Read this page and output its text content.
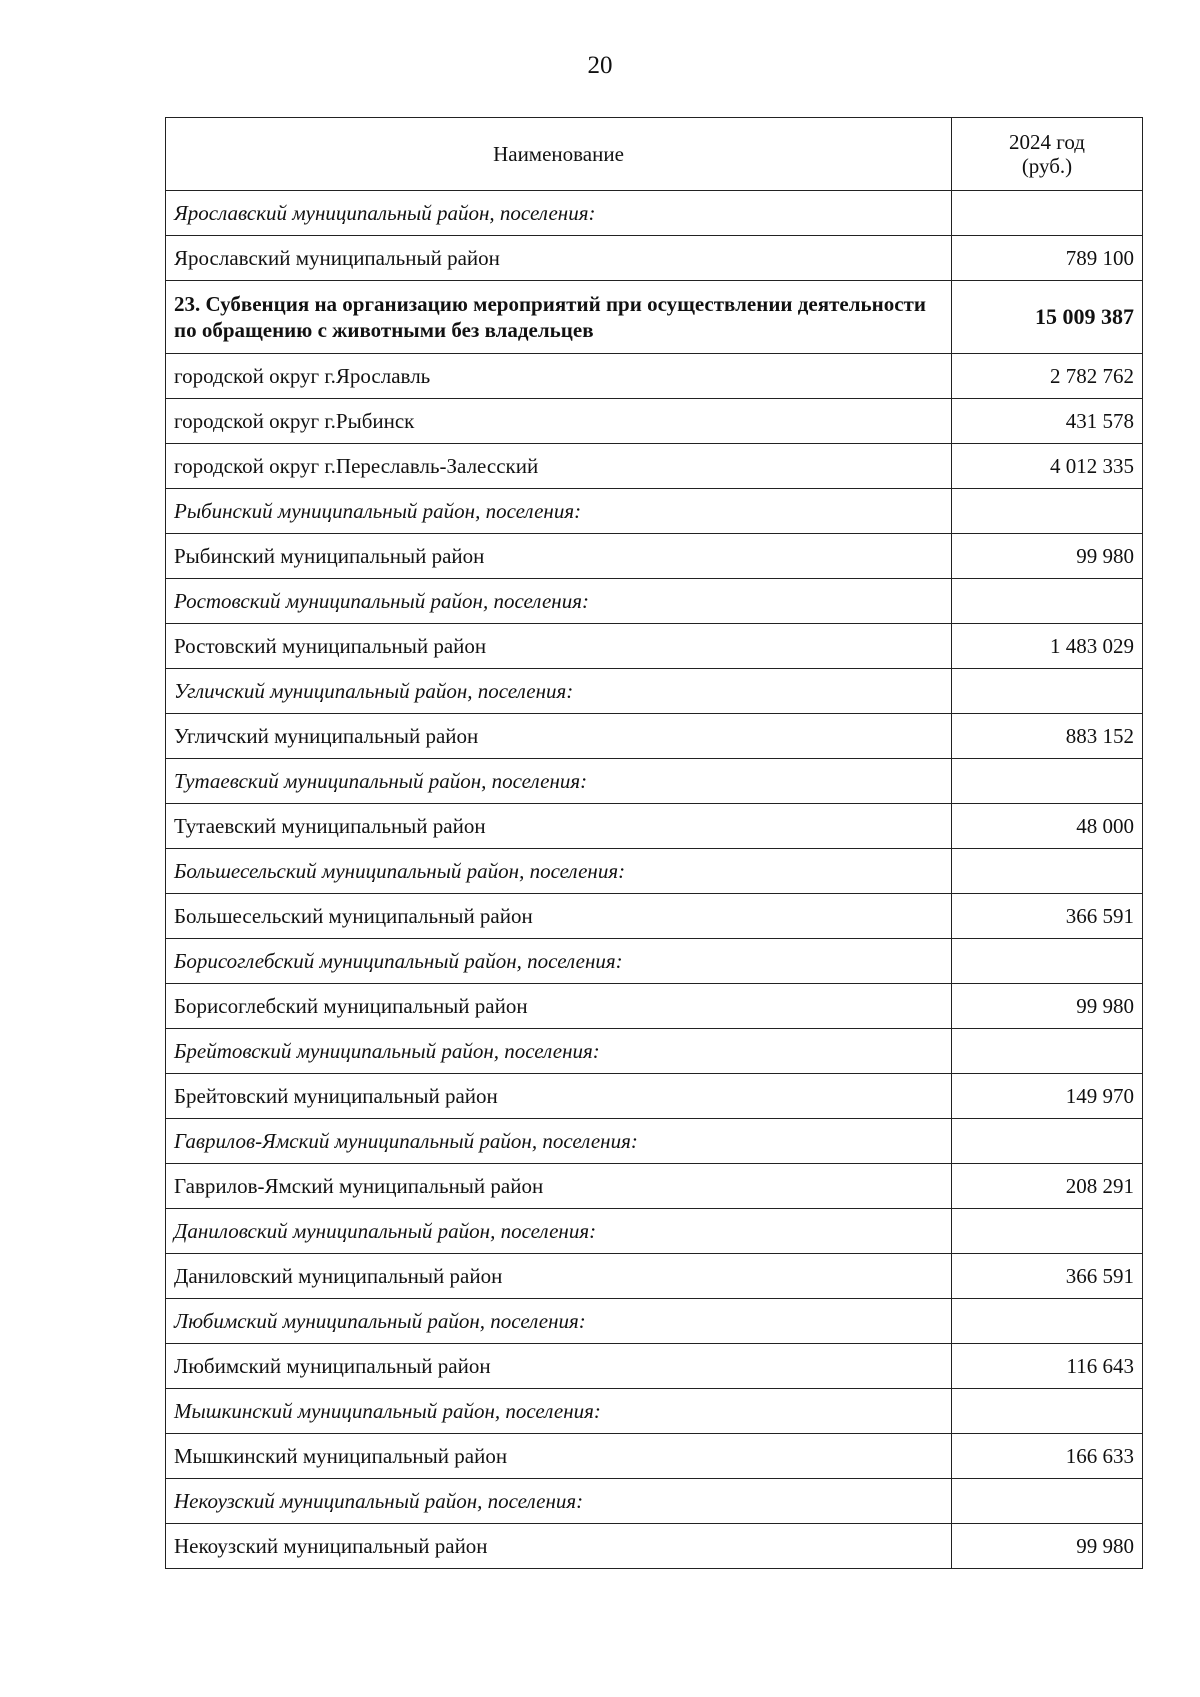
20
Наименование	2024 год
(руб.)
Ярославский муниципальный район, поселения:	
Ярославский муниципальный район	789 100
23. Субвенция на организацию мероприятий при осуществлении деятельности по обращению с животными без владельцев	15 009 387
городской округ г.Ярославль	2 782 762
городской округ г.Рыбинск	431 578
городской округ г.Переславль-Залесский	4 012 335
Рыбинский муниципальный район, поселения:	
Рыбинский муниципальный район	99 980
Ростовский муниципальный район, поселения:	
Ростовский муниципальный район	1 483 029
Угличский муниципальный район, поселения:	
Угличский муниципальный район	883 152
Тутаевский муниципальный район, поселения:	
Тутаевский муниципальный район	48 000
Большесельский муниципальный район, поселения:	
Большесельский муниципальный район	366 591
Борисоглебский муниципальный район, поселения:	
Борисоглебский муниципальный район	99 980
Брейтовский муниципальный район, поселения:	
Брейтовский муниципальный район	149 970
Гаврилов-Ямский муниципальный район, поселения:	
Гаврилов-Ямский муниципальный район	208 291
Даниловский муниципальный район, поселения:	
Даниловский муниципальный район	366 591
Любимский муниципальный район, поселения:	
Любимский муниципальный район	116 643
Мышкинский муниципальный район, поселения:	
Мышкинский муниципальный район	166 633
Некоузский муниципальный район, поселения:	
Некоузский муниципальный район	99 980
